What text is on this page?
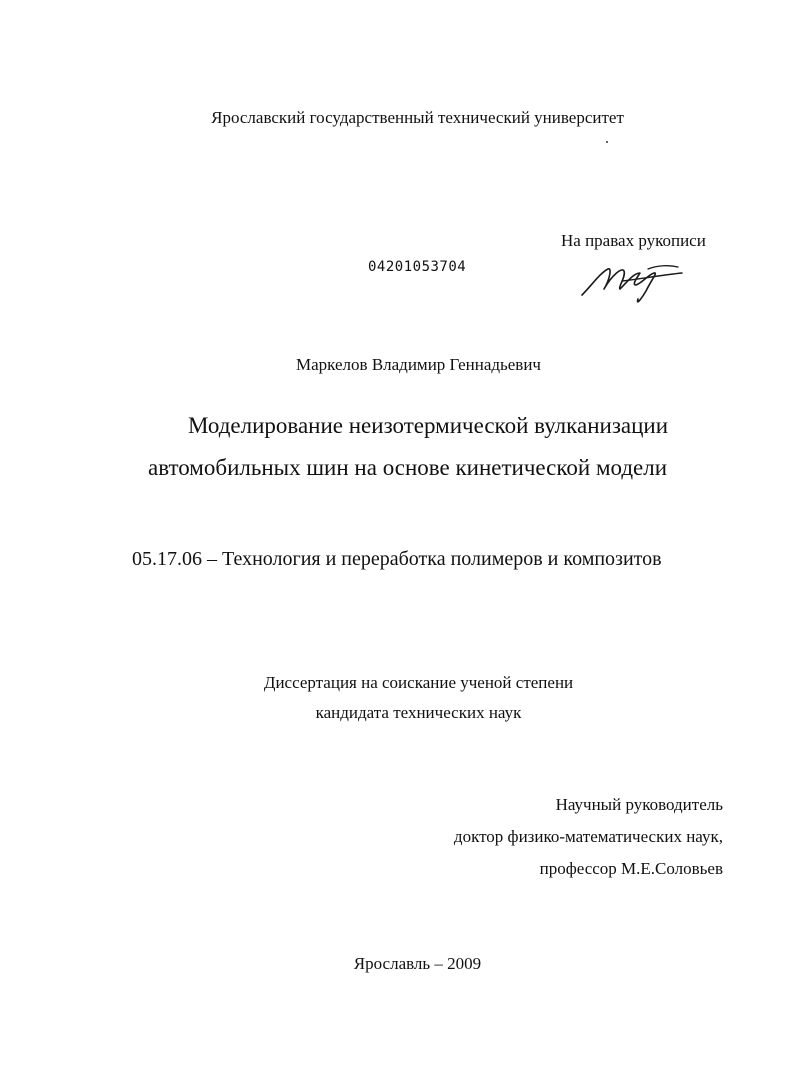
Ярославский государственный технический университет
На правах рукописи
04201053704
Маркелов Владимир Геннадьевич
Моделирование неизотермической вулканизации
автомобильных шин на основе кинетической модели
05.17.06 – Технология и переработка полимеров и композитов
Диссертация на соискание ученой степени
кандидата технических наук
Научный руководитель
доктор физико-математических наук,
профессор М.Е.Соловьев
Ярославль – 2009
